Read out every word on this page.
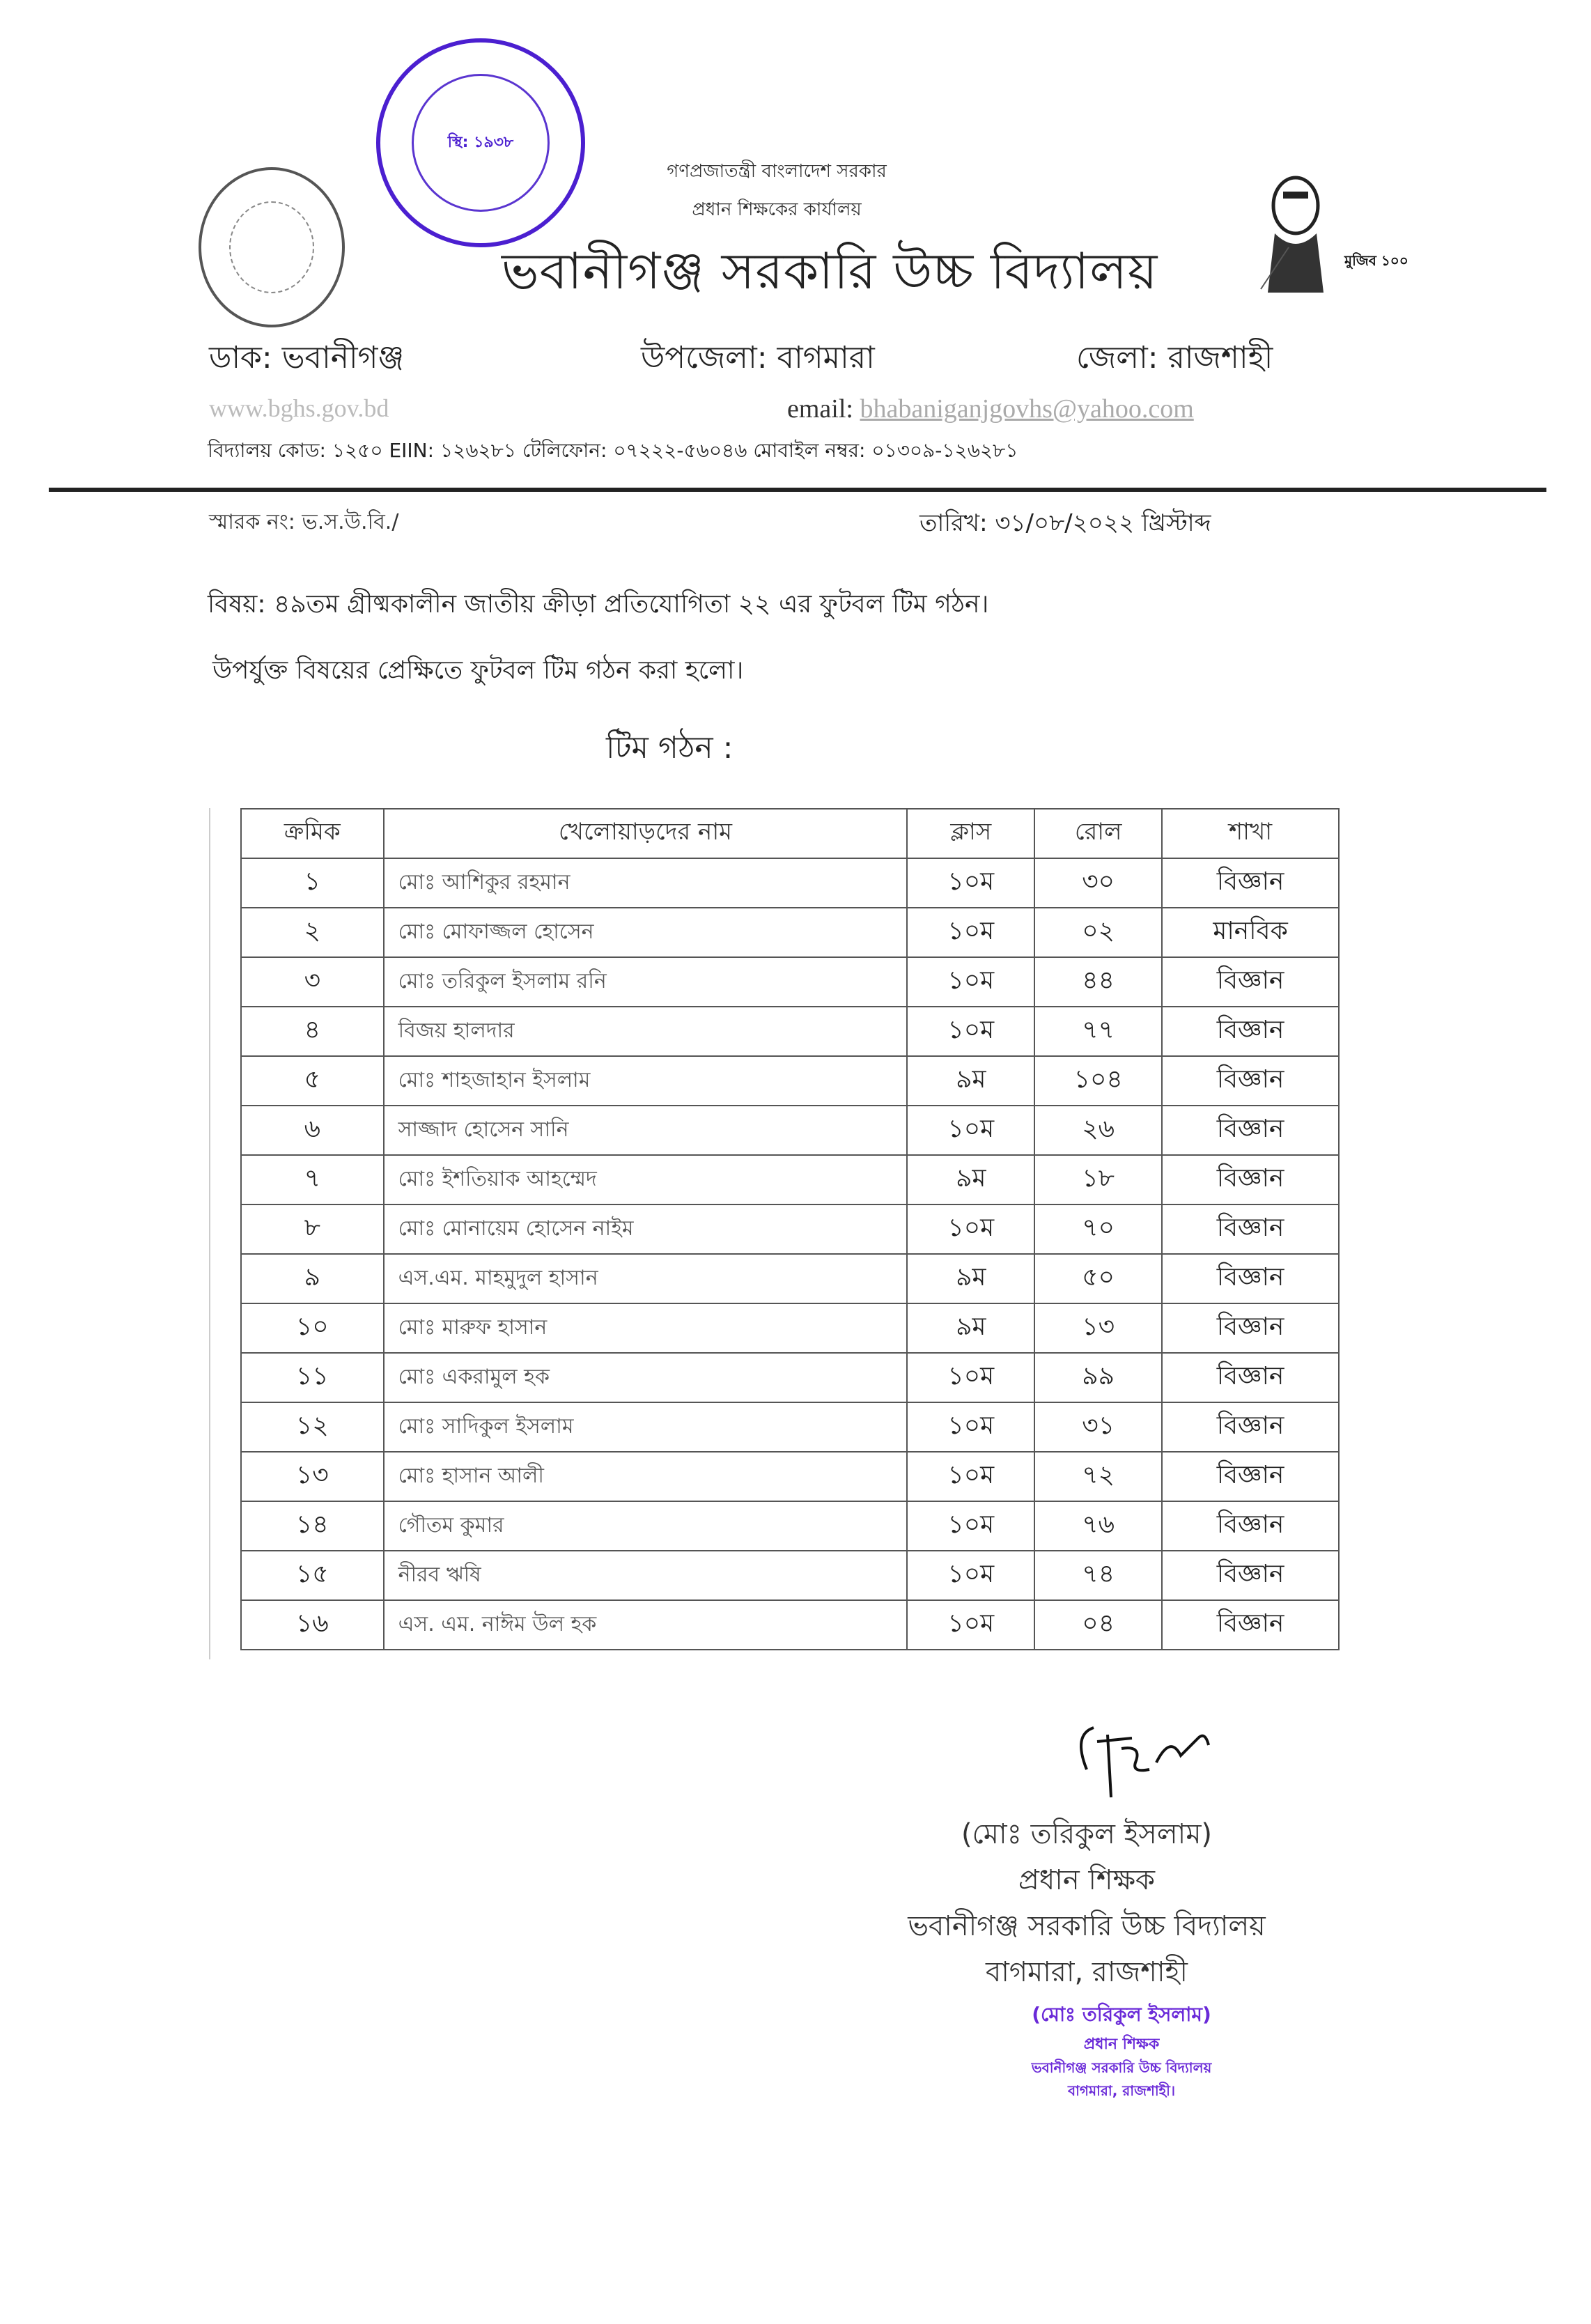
স্থি: ১৯৩৮
গণপ্রজাতন্ত্রী বাংলাদেশ সরকার
প্রধান শিক্ষকের কার্যালয়
ভবানীগঞ্জ সরকারি উচ্চ বিদ্যালয়	মুজিব ১০০
ডাক: ভবানীগঞ্জ	উপজেলা: বাগমারা	জেলা: রাজশাহী
www.bghs.gov.bd	email: bhabaniganjgovhs@yahoo.com
বিদ্যালয় কোড: ১২৫০ EIIN: ১২৬২৮১ টেলিফোন: ০৭২২২-৫৬০৪৬ মোবাইল নম্বর: ০১৩০৯-১২৬২৮১
স্মারক নং: ভ.স.উ.বি./	তারিখ: ৩১/০৮/২০২২ খ্রিস্টাব্দ
বিষয়: ৪৯তম গ্রীষ্মকালীন জাতীয় ক্রীড়া প্রতিযোগিতা ২২ এর ফুটবল টিম গঠন।
উপর্যুক্ত বিষয়ের প্রেক্ষিতে ফুটবল টিম গঠন করা হলো।
টিম গঠন :
ক্রমিক	খেলোয়াড়দের নাম	ক্লাস	রোল	শাখা
১	মোঃ আশিকুর রহমান	১০ম	৩০	বিজ্ঞান
২	মোঃ মোফাজ্জল হোসেন	১০ম	০২	মানবিক
৩	মোঃ তরিকুল ইসলাম রনি	১০ম	৪৪	বিজ্ঞান
৪	বিজয় হালদার	১০ম	৭৭	বিজ্ঞান
৫	মোঃ শাহজাহান ইসলাম	৯ম	১০৪	বিজ্ঞান
৬	সাজ্জাদ হোসেন সানি	১০ম	২৬	বিজ্ঞান
৭	মোঃ ইশতিয়াক আহম্মেদ	৯ম	১৮	বিজ্ঞান
৮	মোঃ মোনায়েম হোসেন নাইম	১০ম	৭০	বিজ্ঞান
৯	এস.এম. মাহমুদুল হাসান	৯ম	৫০	বিজ্ঞান
১০	মোঃ মারুফ হাসান	৯ম	১৩	বিজ্ঞান
১১	মোঃ একরামুল হক	১০ম	৯৯	বিজ্ঞান
১২	মোঃ সাদিকুল ইসলাম	১০ম	৩১	বিজ্ঞান
১৩	মোঃ হাসান আলী	১০ম	৭২	বিজ্ঞান
১৪	গৌতম কুমার	১০ম	৭৬	বিজ্ঞান
১৫	নীরব ঋষি	১০ম	৭৪	বিজ্ঞান
১৬	এস. এম. নাঈম উল হক	১০ম	০৪	বিজ্ঞান
(মোঃ তরিকুল ইসলাম)
প্রধান শিক্ষক
ভবানীগঞ্জ সরকারি উচ্চ বিদ্যালয়
বাগমারা, রাজশাহী
(মোঃ তরিকুল ইসলাম)
প্রধান শিক্ষক
ভবানীগঞ্জ সরকারি উচ্চ বিদ্যালয়
বাগমারা, রাজশাহী।
